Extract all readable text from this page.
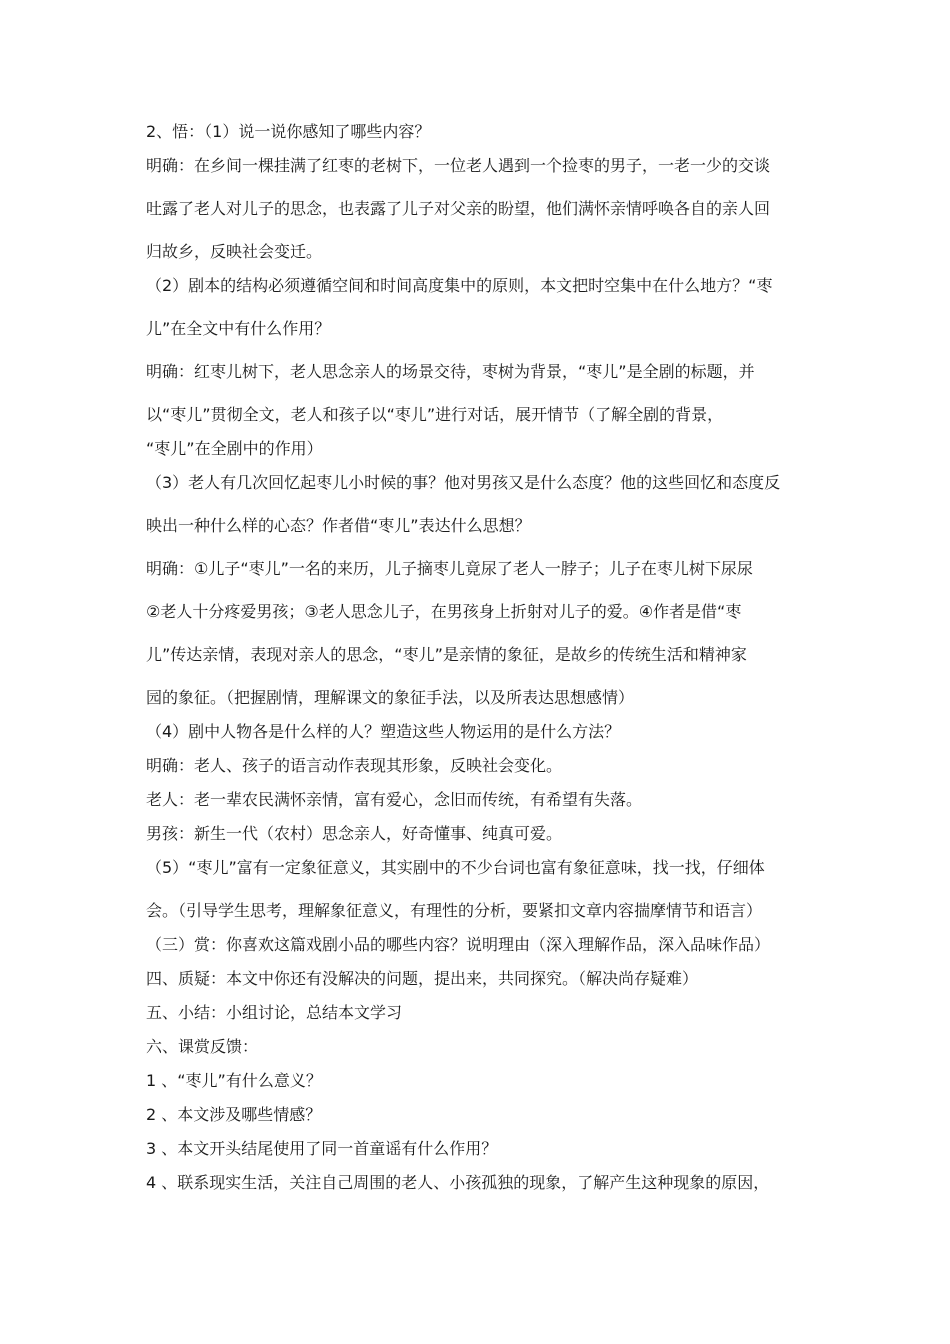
2、悟：（1）说一说你感知了哪些内容？

明确：在乡间一棵挂满了红枣的老树下，一位老人遇到一个捡枣的男子，一老一少的交谈

吐露了老人对儿子的思念，也表露了儿子对父亲的盼望，他们满怀亲情呼唤各自的亲人回

归故乡，反映社会变迁。

（2）剧本的结构必须遵循空间和时间高度集中的原则，本文把时空集中在什么地方？“枣

儿”在全文中有什么作用？

明确：红枣儿树下，老人思念亲人的场景交待，枣树为背景，“枣儿”是全剧的标题，并

以“枣儿”贯彻全文，老人和孩子以“枣儿”进行对话，展开情节（了解全剧的背景，

“枣儿”在全剧中的作用）

（3）老人有几次回忆起枣儿小时候的事？他对男孩又是什么态度？他的这些回忆和态度反

映出一种什么样的心态？作者借“枣儿”表达什么思想？

明确：①儿子“枣儿”一名的来历，儿子摘枣儿竟尿了老人一脖子；儿子在枣儿树下尿尿

②老人十分疼爱男孩；③老人思念儿子，在男孩身上折射对儿子的爱。④作者是借“枣

儿”传达亲情，表现对亲人的思念，“枣儿”是亲情的象征，是故乡的传统生活和精神家

园的象征。（把握剧情，理解课文的象征手法，以及所表达思想感情）

（4）剧中人物各是什么样的人？塑造这些人物运用的是什么方法？

明确：老人、孩子的语言动作表现其形象，反映社会变化。

老人：老一辈农民满怀亲情，富有爱心，念旧而传统，有希望有失落。

男孩：新生一代（农村）思念亲人，好奇懂事、纯真可爱。

（5）“枣儿”富有一定象征意义，其实剧中的不少台词也富有象征意味，找一找，仔细体

会。（引导学生思考，理解象征意义，有理性的分析，要紧扣文章内容揣摩情节和语言）

（三）赏：你喜欢这篇戏剧小品的哪些内容？说明理由（深入理解作品，深入品味作品）

四、质疑：本文中你还有没解决的问题，提出来，共同探究。（解决尚存疑难）

五、小结：小组讨论，总结本文学习

六、课赏反馈：

1 、“枣儿”有什么意义？

2 、本文涉及哪些情感？

3 、本文开头结尾使用了同一首童谣有什么作用？

4 、联系现实生活，关注自己周围的老人、小孩孤独的现象，了解产生这种现象的原因，
